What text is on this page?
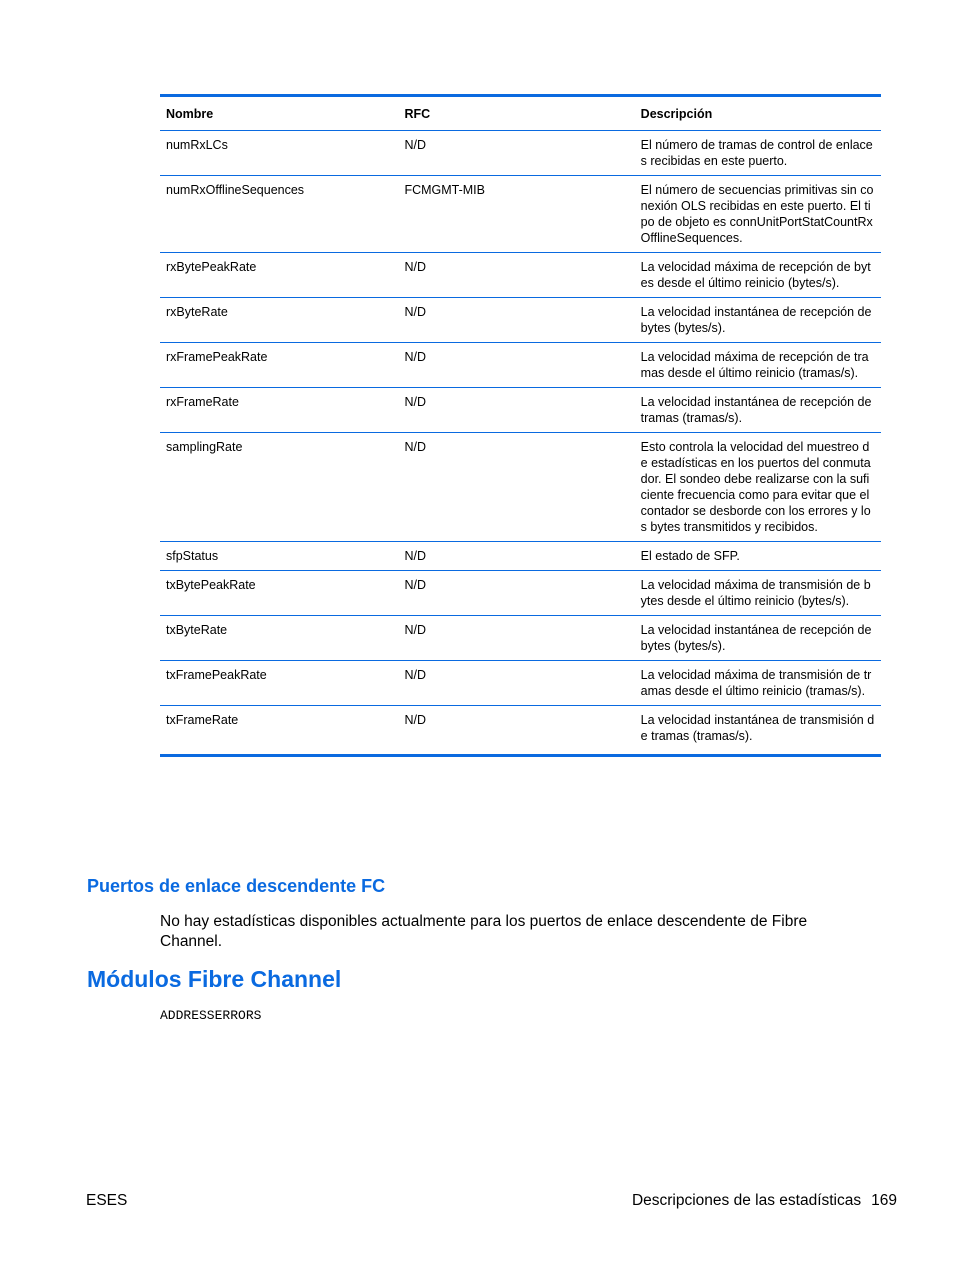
Nombre	RFC	Descripción
numRxLCs	N/D	El número de tramas de control de enlaces recibidas en este puerto.
numRxOfflineSequences	FCMGMT-MIB	El número de secuencias primitivas sin conexión OLS recibidas en este puerto. El tipo de objeto es connUnitPortStatCountRxOfflineSequences.
rxBytePeakRate	N/D	La velocidad máxima de recepción de bytes desde el último reinicio (bytes/s).
rxByteRate	N/D	La velocidad instantánea de recepción de bytes (bytes/s).
rxFramePeakRate	N/D	La velocidad máxima de recepción de tramas desde el último reinicio (tramas/s).
rxFrameRate	N/D	La velocidad instantánea de recepción de tramas (tramas/s).
samplingRate	N/D	Esto controla la velocidad del muestreo de estadísticas en los puertos del conmutador. El sondeo debe realizarse con la suficiente frecuencia como para evitar que el contador se desborde con los errores y los bytes transmitidos y recibidos.
sfpStatus	N/D	El estado de SFP.
txBytePeakRate	N/D	La velocidad máxima de transmisión de bytes desde el último reinicio (bytes/s).
txByteRate	N/D	La velocidad instantánea de recepción de bytes (bytes/s).
txFramePeakRate	N/D	La velocidad máxima de transmisión de tramas desde el último reinicio (tramas/s).
txFrameRate	N/D	La velocidad instantánea de transmisión de tramas (tramas/s).
Puertos de enlace descendente FC

No hay estadísticas disponibles actualmente para los puertos de enlace descendente de Fibre Channel.

Módulos Fibre Channel

ADDRESSERRORS

ESES	Descripciones de las estadísticas 169
